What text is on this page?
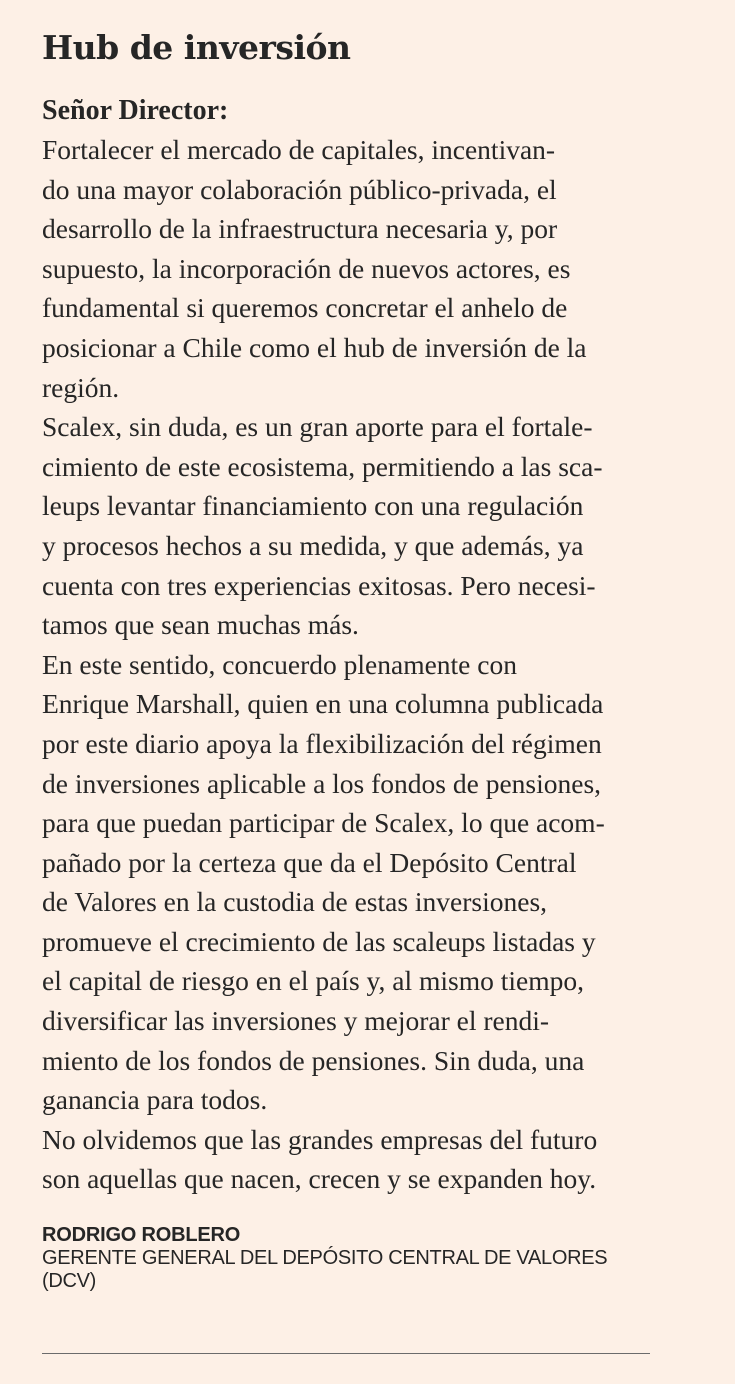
Hub de inversión
Señor Director:

Fortalecer el mercado de capitales, incentivan-
do una mayor colaboración público-privada, el
desarrollo de la infraestructura necesaria y, por
supuesto, la incorporación de nuevos actores, es
fundamental si queremos concretar el anhelo de
posicionar a Chile como el hub de inversión de la
región.

Scalex, sin duda, es un gran aporte para el fortale-
cimiento de este ecosistema, permitiendo a las sca-
leups levantar financiamiento con una regulación
y procesos hechos a su medida, y que además, ya
cuenta con tres experiencias exitosas. Pero necesi-
tamos que sean muchas más.

En este sentido, concuerdo plenamente con
Enrique Marshall, quien en una columna publicada
por este diario apoya la flexibilización del régimen
de inversiones aplicable a los fondos de pensiones,
para que puedan participar de Scalex, lo que acom-
pañado por la certeza que da el Depósito Central
de Valores en la custodia de estas inversiones,
promueve el crecimiento de las scaleups listadas y
el capital de riesgo en el país y, al mismo tiempo,
diversificar las inversiones y mejorar el rendi-
miento de los fondos de pensiones. Sin duda, una
ganancia para todos.

No olvidemos que las grandes empresas del futuro
son aquellas que nacen, crecen y se expanden hoy.

RODRIGO ROBLERO
GERENTE GENERAL DEL DEPÓSITO CENTRAL DE VALORES
(DCV)
